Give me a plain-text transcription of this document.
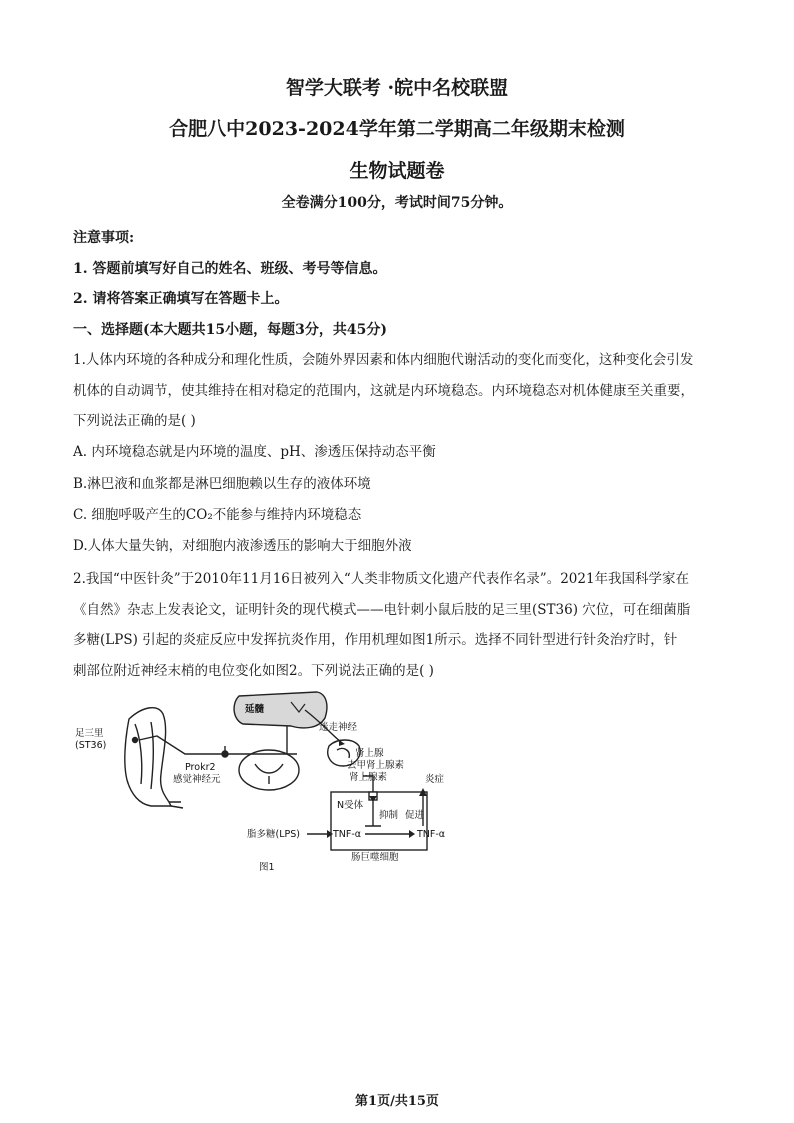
智学大联考 ·皖中名校联盟
合肥八中2023-2024学年第二学期高二年级期末检测
生物试题卷
全卷满分100分，考试时间75分钟。
注意事项:
1. 答题前填写好自己的姓名、班级、考号等信息。
2. 请将答案正确填写在答题卡上。
一、选择题(本大题共15小题，每题3分，共45分)
1.人体内环境的各种成分和理化性质，会随外界因素和体内细胞代谢活动的变化而变化，这种变化会引发
机体的自动调节，使其维持在相对稳定的范围内，这就是内环境稳态。内环境稳态对机体健康至关重要，
下列说法正确的是( )
A. 内环境稳态就是内环境的温度、pH、渗透压保持动态平衡
B.淋巴液和血浆都是淋巴细胞赖以生存的液体环境
C. 细胞呼吸产生的CO₂不能参与维持内环境稳态
D.人体大量失钠，对细胞内液渗透压的影响大于细胞外液
2.我国“中医针灸”于2010年11月16日被列入“人类非物质文化遗产代表作名录”。2021年我国科学家在
《自然》杂志上发表论文，证明针灸的现代模式——电针刺小鼠后肢的足三里(ST36) 穴位，可在细菌脂
多糖(LPS) 引起的炎症反应中发挥抗炎作用，作用机理如图1所示。选择不同针型进行针灸治疗时，针
刺部位附近神经末梢的电位变化如图2。下列说法正确的是( )
足三里
(ST36)
Prokr2
感觉神经元
延髓
迷走神经
肾上腺
去甲肾上腺素
肾上腺素
N受体
抑制 促进
炎症
脂多糖(LPS)	TNF-α	TNF-α
肠巨噬细胞
图1
第1页/共15页
